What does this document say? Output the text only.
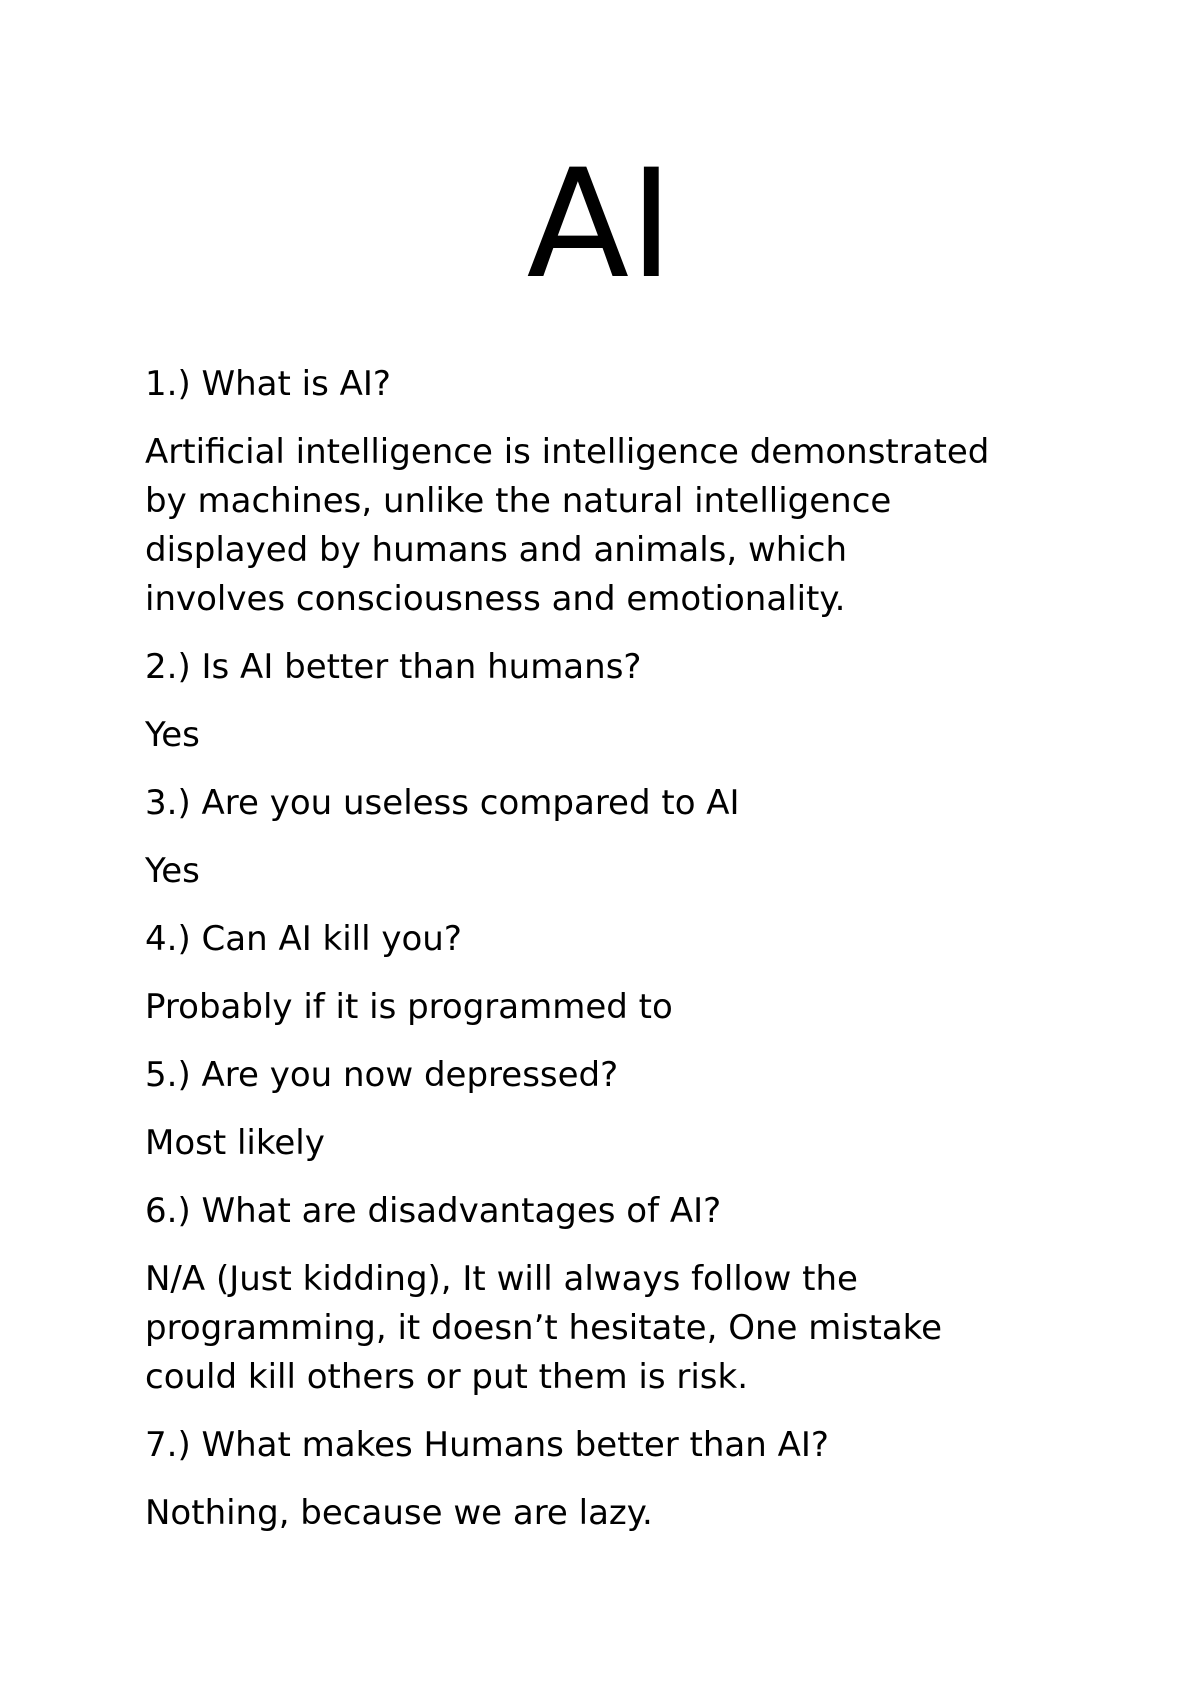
AI

1.) What is AI?

Artificial intelligence is intelligence demonstrated
by machines, unlike the natural intelligence
displayed by humans and animals, which
involves consciousness and emotionality.

2.) Is AI better than humans?

Yes

3.) Are you useless compared to AI

Yes

4.) Can AI kill you?

Probably if it is programmed to

5.) Are you now depressed?

Most likely

6.) What are disadvantages of AI?

N/A (Just kidding), It will always follow the
programming, it doesn’t hesitate, One mistake
could kill others or put them is risk.

7.) What makes Humans better than AI?

Nothing, because we are lazy.
